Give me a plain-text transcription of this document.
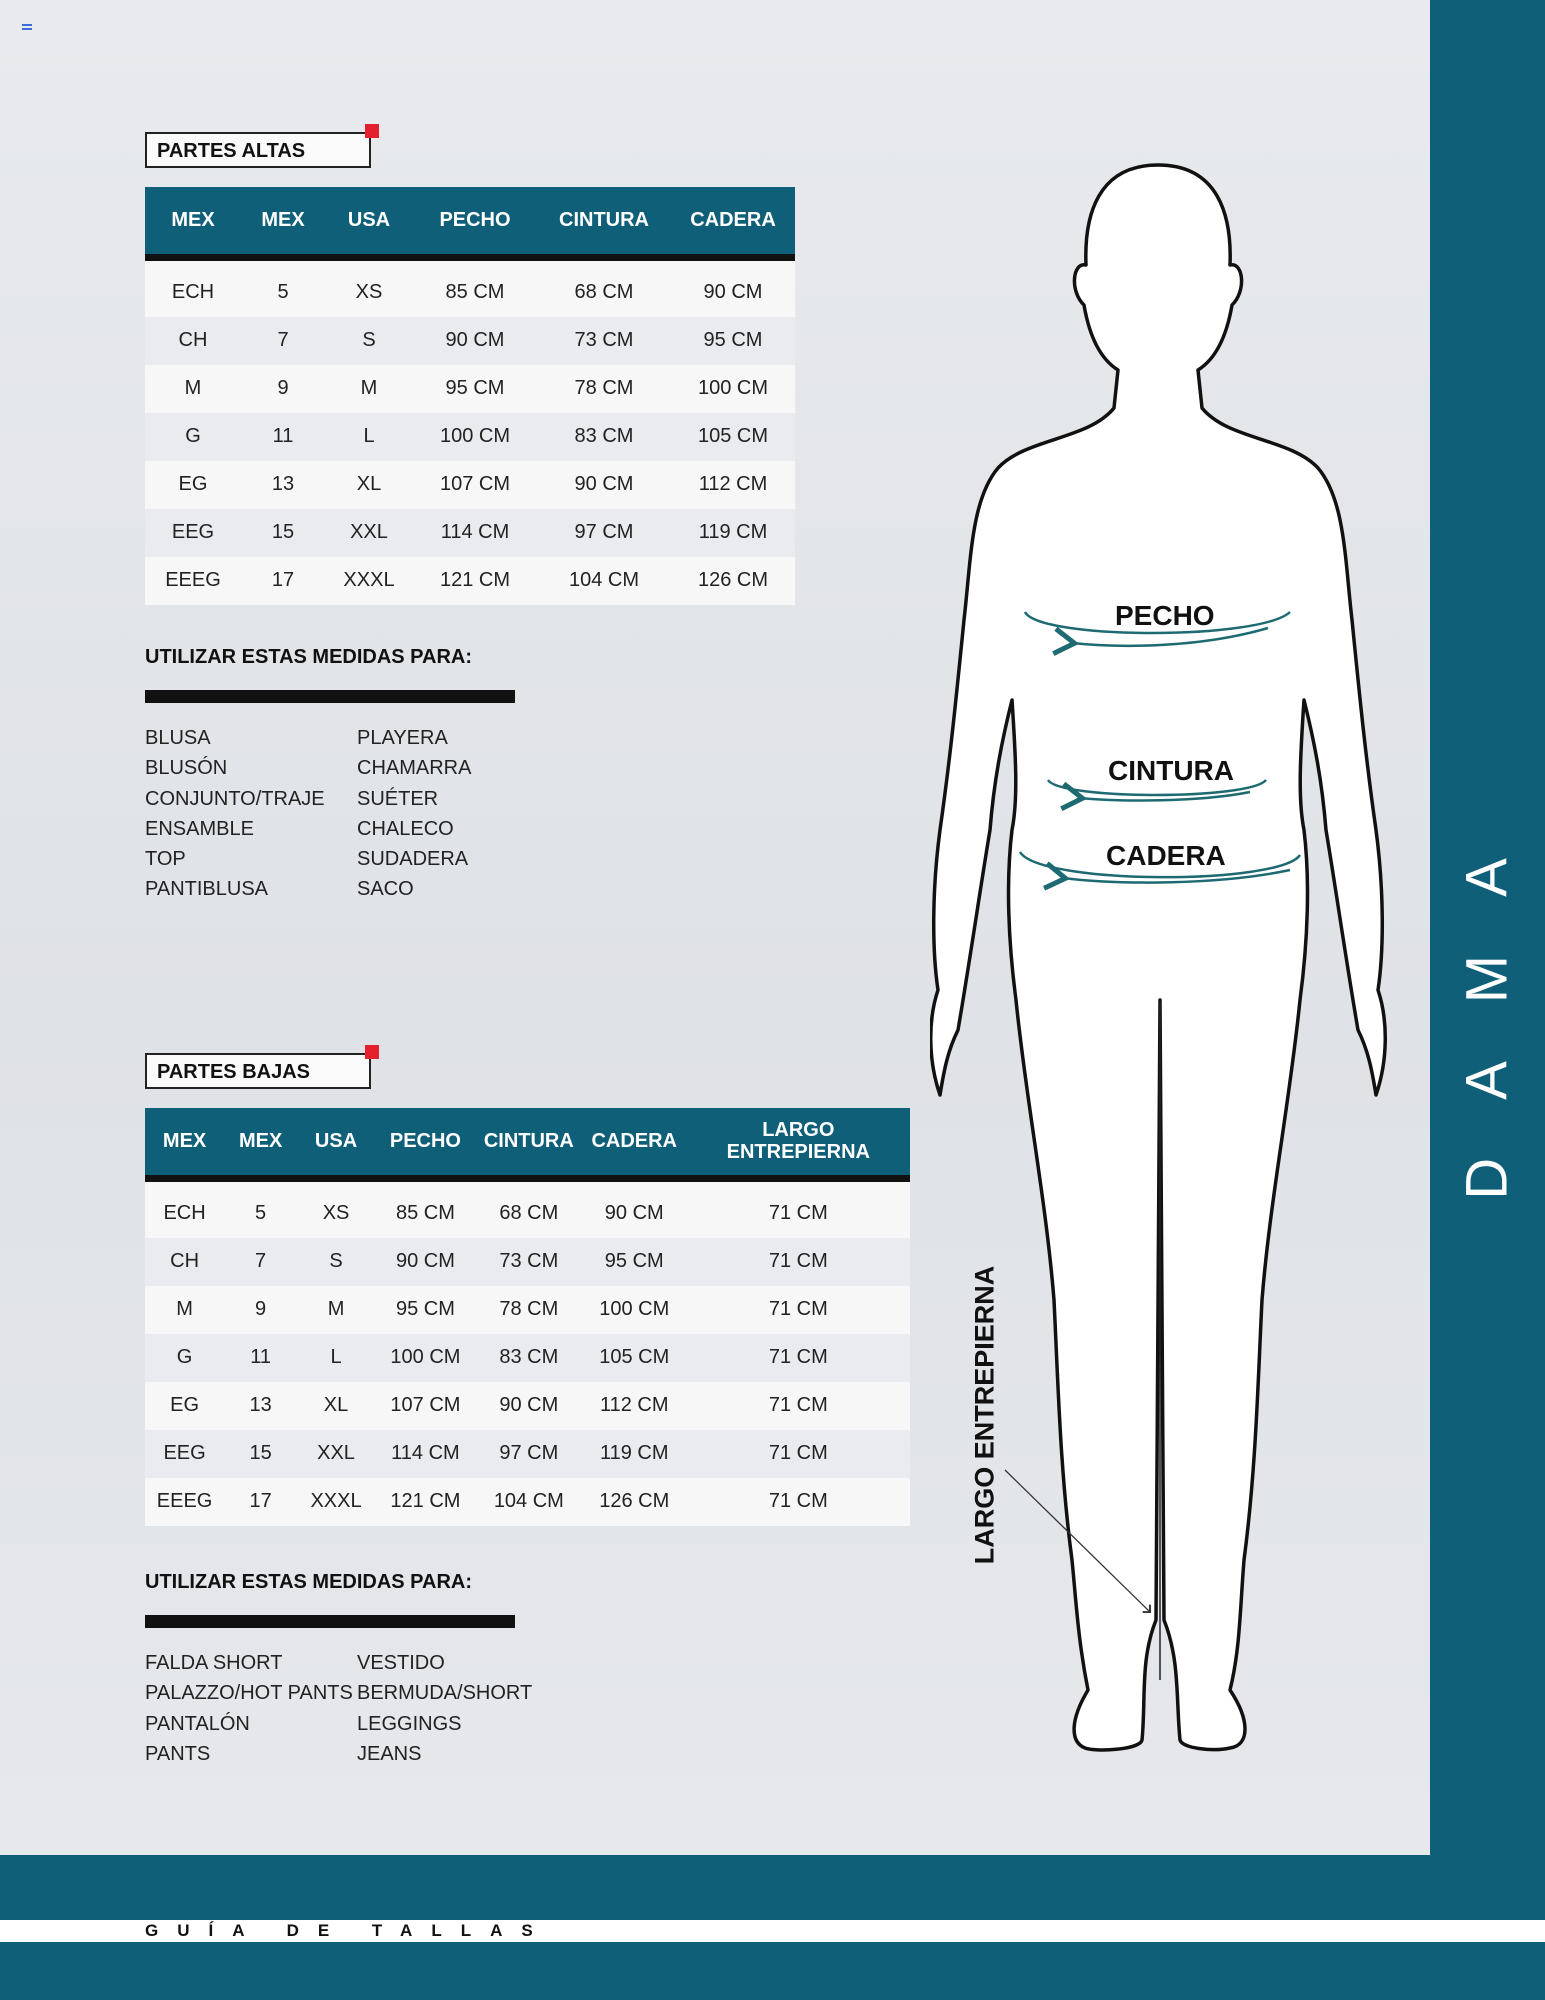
DAMA
PARTES ALTAS
MEX	MEX	USA	PECHO	CINTURA	CADERA
ECH	5	XS	85 CM	68 CM	90 CM
CH	7	S	90 CM	73 CM	95 CM
M	9	M	95 CM	78 CM	100 CM
G	11	L	100 CM	83 CM	105 CM
EG	13	XL	107 CM	90 CM	112 CM
EEG	15	XXL	114 CM	97 CM	119 CM
EEEG	17	XXXL	121 CM	104 CM	126 CM
UTILIZAR ESTAS MEDIDAS PARA:
BLUSA
BLUSÓN
CONJUNTO/TRAJE
ENSAMBLE
TOP
PANTIBLUSA
PLAYERA
CHAMARRA
SUÉTER
CHALECO
SUDADERA
SACO
PARTES BAJAS
MEX	MEX	USA	PECHO	CINTURA	CADERA	LARGO ENTREPIERNA
ECH	5	XS	85 CM	68 CM	90 CM	71 CM
CH	7	S	90 CM	73 CM	95 CM	71 CM
M	9	M	95 CM	78 CM	100 CM	71 CM
G	11	L	100 CM	83 CM	105 CM	71 CM
EG	13	XL	107 CM	90 CM	112 CM	71 CM
EEG	15	XXL	114 CM	97 CM	119 CM	71 CM
EEEG	17	XXXL	121 CM	104 CM	126 CM	71 CM
UTILIZAR ESTAS MEDIDAS PARA:
FALDA SHORT
PALAZZO/HOT PANTS
PANTALÓN
PANTS
VESTIDO
BERMUDA/SHORT
LEGGINGS
JEANS
PECHO
CINTURA
CADERA
LARGO ENTREPIERNA
GUÍA DE TALLAS
